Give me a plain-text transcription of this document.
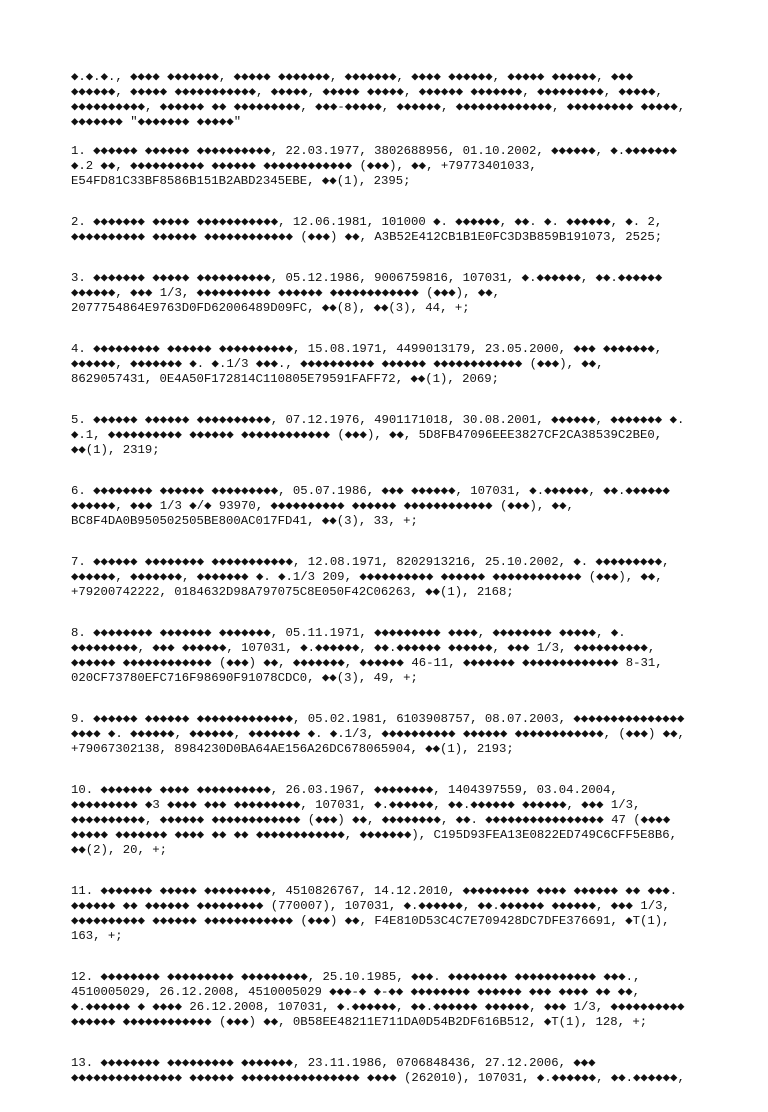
◆.◆.◆., ◆◆◆◆ ◆◆◆◆◆◆◆, ◆◆◆◆◆ ◆◆◆◆◆◆◆, ◆◆◆◆◆◆◆, ◆◆◆◆ ◆◆◆◆◆◆, ◆◆◆◆◆ ◆◆◆◆◆◆, ◆◆◆
◆◆◆◆◆◆, ◆◆◆◆◆ ◆◆◆◆◆◆◆◆◆◆◆, ◆◆◆◆◆, ◆◆◆◆◆ ◆◆◆◆◆, ◆◆◆◆◆◆ ◆◆◆◆◆◆◆, ◆◆◆◆◆◆◆◆◆, ◆◆◆◆◆,
◆◆◆◆◆◆◆◆◆◆, ◆◆◆◆◆◆ ◆◆ ◆◆◆◆◆◆◆◆◆, ◆◆◆-◆◆◆◆◆, ◆◆◆◆◆◆, ◆◆◆◆◆◆◆◆◆◆◆◆◆, ◆◆◆◆◆◆◆◆◆ ◆◆◆◆◆,
◆◆◆◆◆◆◆ "◆◆◆◆◆◆◆ ◆◆◆◆◆"
1. ◆◆◆◆◆◆ ◆◆◆◆◆◆ ◆◆◆◆◆◆◆◆◆◆, 22.03.1977, 3802688956, 01.10.2002, ◆◆◆◆◆◆, ◆.◆◆◆◆◆◆◆
◆.2 ◆◆, ◆◆◆◆◆◆◆◆◆◆ ◆◆◆◆◆◆ ◆◆◆◆◆◆◆◆◆◆◆◆ (◆◆◆), ◆◆, +79773401033,
E54FD81C33BF8586B151B2ABD2345EBE, ◆◆(1), 2395;
2. ◆◆◆◆◆◆◆ ◆◆◆◆◆ ◆◆◆◆◆◆◆◆◆◆◆, 12.06.1981, 101000 ◆. ◆◆◆◆◆◆, ◆◆. ◆. ◆◆◆◆◆◆, ◆. 2,
◆◆◆◆◆◆◆◆◆◆ ◆◆◆◆◆◆ ◆◆◆◆◆◆◆◆◆◆◆◆ (◆◆◆) ◆◆, A3B52E412CB1B1E0FC3D3B859B191073, 2525;
3. ◆◆◆◆◆◆◆ ◆◆◆◆◆ ◆◆◆◆◆◆◆◆◆◆, 05.12.1986, 9006759816, 107031, ◆.◆◆◆◆◆◆, ◆◆.◆◆◆◆◆◆
◆◆◆◆◆◆, ◆◆◆ 1/3, ◆◆◆◆◆◆◆◆◆◆ ◆◆◆◆◆◆ ◆◆◆◆◆◆◆◆◆◆◆◆ (◆◆◆), ◆◆,
2077754864E9763D0FD62006489D09FC, ◆◆(8), ◆◆(3), 44, +;
4. ◆◆◆◆◆◆◆◆◆ ◆◆◆◆◆◆ ◆◆◆◆◆◆◆◆◆◆, 15.08.1971, 4499013179, 23.05.2000, ◆◆◆ ◆◆◆◆◆◆◆,
◆◆◆◆◆◆, ◆◆◆◆◆◆◆ ◆. ◆.1/3 ◆◆◆., ◆◆◆◆◆◆◆◆◆◆ ◆◆◆◆◆◆ ◆◆◆◆◆◆◆◆◆◆◆◆ (◆◆◆), ◆◆,
8629057431, 0E4A50F172814C110805E79591FAFF72, ◆◆(1), 2069;
5. ◆◆◆◆◆◆ ◆◆◆◆◆◆ ◆◆◆◆◆◆◆◆◆◆, 07.12.1976, 4901171018, 30.08.2001, ◆◆◆◆◆◆, ◆◆◆◆◆◆◆ ◆.
◆.1, ◆◆◆◆◆◆◆◆◆◆ ◆◆◆◆◆◆ ◆◆◆◆◆◆◆◆◆◆◆◆ (◆◆◆), ◆◆, 5D8FB47096EEE3827CF2CA38539C2BE0,
◆◆(1), 2319;
6. ◆◆◆◆◆◆◆◆ ◆◆◆◆◆◆ ◆◆◆◆◆◆◆◆◆, 05.07.1986, ◆◆◆ ◆◆◆◆◆◆, 107031, ◆.◆◆◆◆◆◆, ◆◆.◆◆◆◆◆◆
◆◆◆◆◆◆, ◆◆◆ 1/3 ◆/◆ 93970, ◆◆◆◆◆◆◆◆◆◆ ◆◆◆◆◆◆ ◆◆◆◆◆◆◆◆◆◆◆◆ (◆◆◆), ◆◆,
BC8F4DA0B950502505BE800AC017FD41, ◆◆(3), 33, +;
7. ◆◆◆◆◆◆ ◆◆◆◆◆◆◆◆ ◆◆◆◆◆◆◆◆◆◆◆, 12.08.1971, 8202913216, 25.10.2002, ◆. ◆◆◆◆◆◆◆◆◆,
◆◆◆◆◆◆, ◆◆◆◆◆◆◆, ◆◆◆◆◆◆◆ ◆. ◆.1/3 209, ◆◆◆◆◆◆◆◆◆◆ ◆◆◆◆◆◆ ◆◆◆◆◆◆◆◆◆◆◆◆ (◆◆◆), ◆◆,
+79200742222, 0184632D98A797075C8E050F42C06263, ◆◆(1), 2168;
8. ◆◆◆◆◆◆◆◆ ◆◆◆◆◆◆◆ ◆◆◆◆◆◆◆, 05.11.1971, ◆◆◆◆◆◆◆◆◆ ◆◆◆◆, ◆◆◆◆◆◆◆◆ ◆◆◆◆◆, ◆.
◆◆◆◆◆◆◆◆◆, ◆◆◆ ◆◆◆◆◆◆, 107031, ◆.◆◆◆◆◆◆, ◆◆.◆◆◆◆◆◆ ◆◆◆◆◆◆, ◆◆◆ 1/3, ◆◆◆◆◆◆◆◆◆◆,
◆◆◆◆◆◆ ◆◆◆◆◆◆◆◆◆◆◆◆ (◆◆◆) ◆◆, ◆◆◆◆◆◆◆, ◆◆◆◆◆◆ 46-11, ◆◆◆◆◆◆◆ ◆◆◆◆◆◆◆◆◆◆◆◆◆ 8-31,
020CF73780EFC716F98690F91078CDC0, ◆◆(3), 49, +;
9. ◆◆◆◆◆◆ ◆◆◆◆◆◆ ◆◆◆◆◆◆◆◆◆◆◆◆◆, 05.02.1981, 6103908757, 08.07.2003, ◆◆◆◆◆◆◆◆◆◆◆◆◆◆◆
◆◆◆◆ ◆. ◆◆◆◆◆◆, ◆◆◆◆◆◆, ◆◆◆◆◆◆◆ ◆. ◆.1/3, ◆◆◆◆◆◆◆◆◆◆ ◆◆◆◆◆◆ ◆◆◆◆◆◆◆◆◆◆◆◆, (◆◆◆) ◆◆,
+79067302138, 8984230D0BA64AE156A26DC678065904, ◆◆(1), 2193;
10. ◆◆◆◆◆◆◆ ◆◆◆◆ ◆◆◆◆◆◆◆◆◆◆, 26.03.1967, ◆◆◆◆◆◆◆◆, 1404397559, 03.04.2004,
◆◆◆◆◆◆◆◆◆ ◆3 ◆◆◆◆ ◆◆◆ ◆◆◆◆◆◆◆◆◆, 107031, ◆.◆◆◆◆◆◆, ◆◆.◆◆◆◆◆◆ ◆◆◆◆◆◆, ◆◆◆ 1/3,
◆◆◆◆◆◆◆◆◆◆, ◆◆◆◆◆◆ ◆◆◆◆◆◆◆◆◆◆◆◆ (◆◆◆) ◆◆, ◆◆◆◆◆◆◆◆, ◆◆. ◆◆◆◆◆◆◆◆◆◆◆◆◆◆◆◆ 47 (◆◆◆◆
◆◆◆◆◆ ◆◆◆◆◆◆◆ ◆◆◆◆ ◆◆ ◆◆ ◆◆◆◆◆◆◆◆◆◆◆◆, ◆◆◆◆◆◆◆), C195D93FEA13E0822ED749C6CFF5E8B6,
◆◆(2), 20, +;
11. ◆◆◆◆◆◆◆ ◆◆◆◆◆ ◆◆◆◆◆◆◆◆◆, 4510826767, 14.12.2010, ◆◆◆◆◆◆◆◆◆ ◆◆◆◆ ◆◆◆◆◆◆ ◆◆ ◆◆◆.
◆◆◆◆◆◆ ◆◆ ◆◆◆◆◆◆ ◆◆◆◆◆◆◆◆◆ (770007), 107031, ◆.◆◆◆◆◆◆, ◆◆.◆◆◆◆◆◆ ◆◆◆◆◆◆, ◆◆◆ 1/3,
◆◆◆◆◆◆◆◆◆◆ ◆◆◆◆◆◆ ◆◆◆◆◆◆◆◆◆◆◆◆ (◆◆◆) ◆◆, F4E810D53C4C7E709428DC7DFE376691, ◆T(1),
163, +;
12. ◆◆◆◆◆◆◆◆ ◆◆◆◆◆◆◆◆◆ ◆◆◆◆◆◆◆◆◆, 25.10.1985, ◆◆◆. ◆◆◆◆◆◆◆◆ ◆◆◆◆◆◆◆◆◆◆◆ ◆◆◆.,
4510005029, 26.12.2008, 4510005029 ◆◆◆-◆ ◆-◆◆ ◆◆◆◆◆◆◆◆ ◆◆◆◆◆◆ ◆◆◆ ◆◆◆◆ ◆◆ ◆◆,
◆.◆◆◆◆◆◆ ◆ ◆◆◆◆ 26.12.2008, 107031, ◆.◆◆◆◆◆◆, ◆◆.◆◆◆◆◆◆ ◆◆◆◆◆◆, ◆◆◆ 1/3, ◆◆◆◆◆◆◆◆◆◆
◆◆◆◆◆◆ ◆◆◆◆◆◆◆◆◆◆◆◆ (◆◆◆) ◆◆, 0B58EE48211E711DA0D54B2DF616B512, ◆T(1), 128, +;
13. ◆◆◆◆◆◆◆◆ ◆◆◆◆◆◆◆◆◆ ◆◆◆◆◆◆◆, 23.11.1986, 0706848436, 27.12.2006, ◆◆◆
◆◆◆◆◆◆◆◆◆◆◆◆◆◆◆ ◆◆◆◆◆◆ ◆◆◆◆◆◆◆◆◆◆◆◆◆◆◆◆ ◆◆◆◆ (262010), 107031, ◆.◆◆◆◆◆◆, ◆◆.◆◆◆◆◆◆,
